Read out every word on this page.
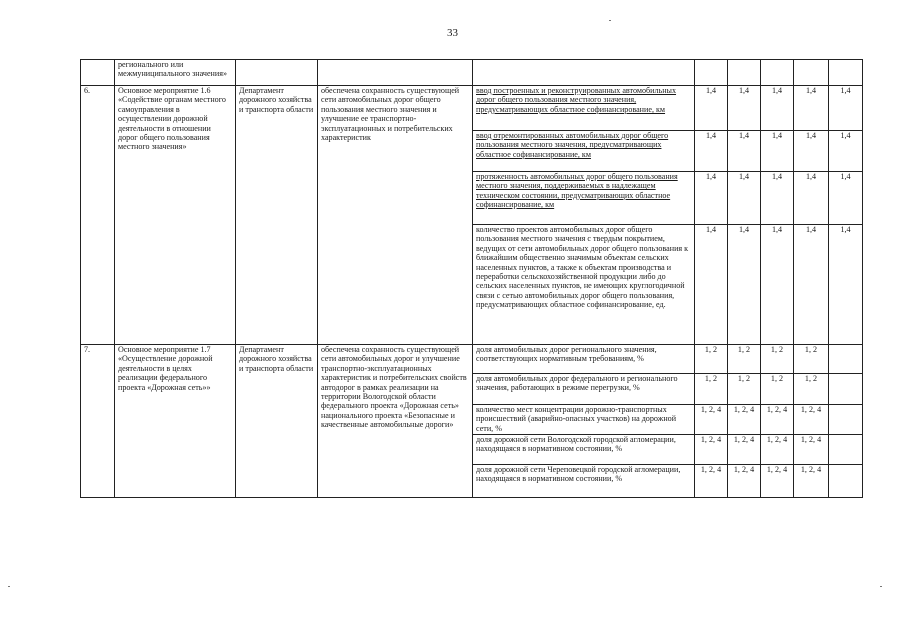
33
	регионального или межмуниципального значения»								
6.	Основное мероприятие 1.6 «Содействие органам местного самоуправления в осуществлении дорожной деятельности в отношении дорог общего пользования местного значения»	Департамент дорожного хозяйства и транспорта области	обеспечена сохранность существующей сети автомобильных дорог общего пользования местного значения и улучшение ее транспортно-эксплуатационных и потребительских характеристик	ввод построенных и реконструированных автомобильных дорог общего пользования местного значения, предусматривающих областное софинансирование, км	1,4	1,4	1,4	1,4	1,4
				ввод отремонтированных автомобильных дорог общего пользования местного значения, предусматривающих областное софинансирование, км	1,4	1,4	1,4	1,4	1,4
				протяженность автомобильных дорог общего пользования местного значения, поддерживаемых в надлежащем техническом состоянии, предусматривающих областное софинансирование, км	1,4	1,4	1,4	1,4	1,4
				количество проектов автомобильных дорог общего пользования местного значения с твердым покрытием, ведущих от сети автомобильных дорог общего пользования к ближайшим общественно значимым объектам сельских населенных пунктов, а также к объектам производства и переработки сельскохозяйственной продукции либо до сельских населенных пунктов, не имеющих круглогодичной связи с сетью автомобильных дорог общего пользования, предусматривающих областное софинансирование, ед.	1,4	1,4	1,4	1,4	1,4
7.	Основное мероприятие 1.7 «Осуществление дорожной деятельности в целях реализации федерального проекта «Дорожная сеть»»	Департамент дорожного хозяйства и транспорта области	обеспечена сохранность существующей сети автомобильных дорог и улучшение транспортно-эксплуатационных характеристик и потребительских свойств автодорог в рамках реализации на территории Вологодской области федерального проекта «Дорожная сеть» национального проекта «Безопасные и качественные автомобильные дороги»	доля автомобильных дорог регионального значения, соответствующих нормативным требованиям, %	1, 2	1, 2	1, 2	1, 2	
				доля автомобильных дорог федерального и регионального значения, работающих в режиме перегрузки, %	1, 2	1, 2	1, 2	1, 2	
				количество мест концентрации дорожно-транспортных происшествий (аварийно-опасных участков) на дорожной сети, %	1, 2, 4	1, 2, 4	1, 2, 4	1, 2, 4	
				доля дорожной сети Вологодской городской агломерации, находящаяся в нормативном состоянии, %	1, 2, 4	1, 2, 4	1, 2, 4	1, 2, 4	
				доля дорожной сети Череповецкой городской агломерации, находящаяся в нормативном состоянии, %	1, 2, 4	1, 2, 4	1, 2, 4	1, 2, 4	
